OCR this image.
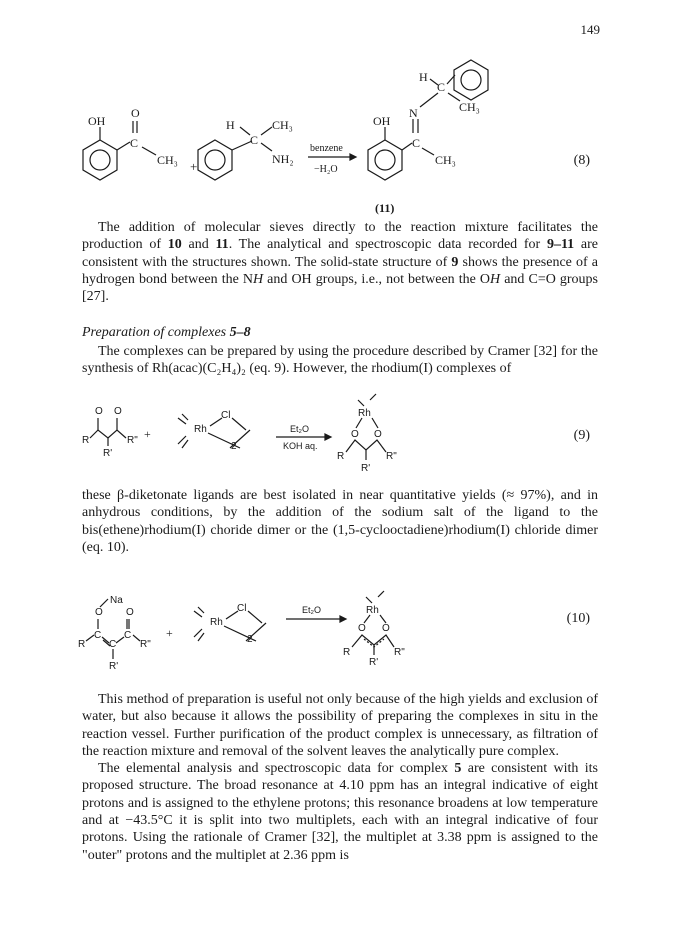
149
OH
C
O
CH₃ +
C
H	CH₃
NH₂
benzene
−H₂O
OH
C
N
CH₃
C
H
CH₃
(11)
(8)

The addition of molecular sieves directly to the reaction mixture facilitates the production of 10 and 11. The analytical and spectroscopic data recorded for 9–11 are consistent with the structures shown. The solid-state structure of 9 shows the presence of a hydrogen bond between the NH and OH groups, i.e., not between the OH and C=O groups [27].

Preparation of complexes 5–8

The complexes can be prepared by using the procedure described by Cramer [32] for the synthesis of Rh(acac)(C₂H₄)₂ (eq. 9). However, the rhodium(I) complexes of

O O
R	R"
R'
+	Rh
Cl
2
Et₂O
KOH aq.
Rh
O O
R	R"
R'
(9)

these β-diketonate ligands are best isolated in near quantitative yields (≈ 97%), and in anhydrous conditions, by the addition of the sodium salt of the ligand to the bis(ethene)rhodium(I) choride dimer or the (1,5-cyclooctadiene)rhodium(I) chloride dimer (eq. 10).

Na
O O
C C
C
R	R"
R'
+
Rh
Cl
2
Et₂O	Rh
O O
R	R"
R'
(10)

This method of preparation is useful not only because of the high yields and exclusion of water, but also because it allows the possibility of preparing the complexes in situ in the reaction vessel. Further purification of the product complex is unnecessary, as filtration of the reaction mixture and removal of the solvent leaves the analytically pure complex.

The elemental analysis and spectroscopic data for complex 5 are consistent with its proposed structure. The broad resonance at 4.10 ppm has an integral indicative of eight protons and is assigned to the ethylene protons; this resonance broadens at low temperature and at −43.5°C it is split into two multiplets, each with an integral indicative of four protons. Using the rationale of Cramer [32], the multiplet at 3.38 ppm is assigned to the "outer" protons and the multiplet at 2.36 ppm is
